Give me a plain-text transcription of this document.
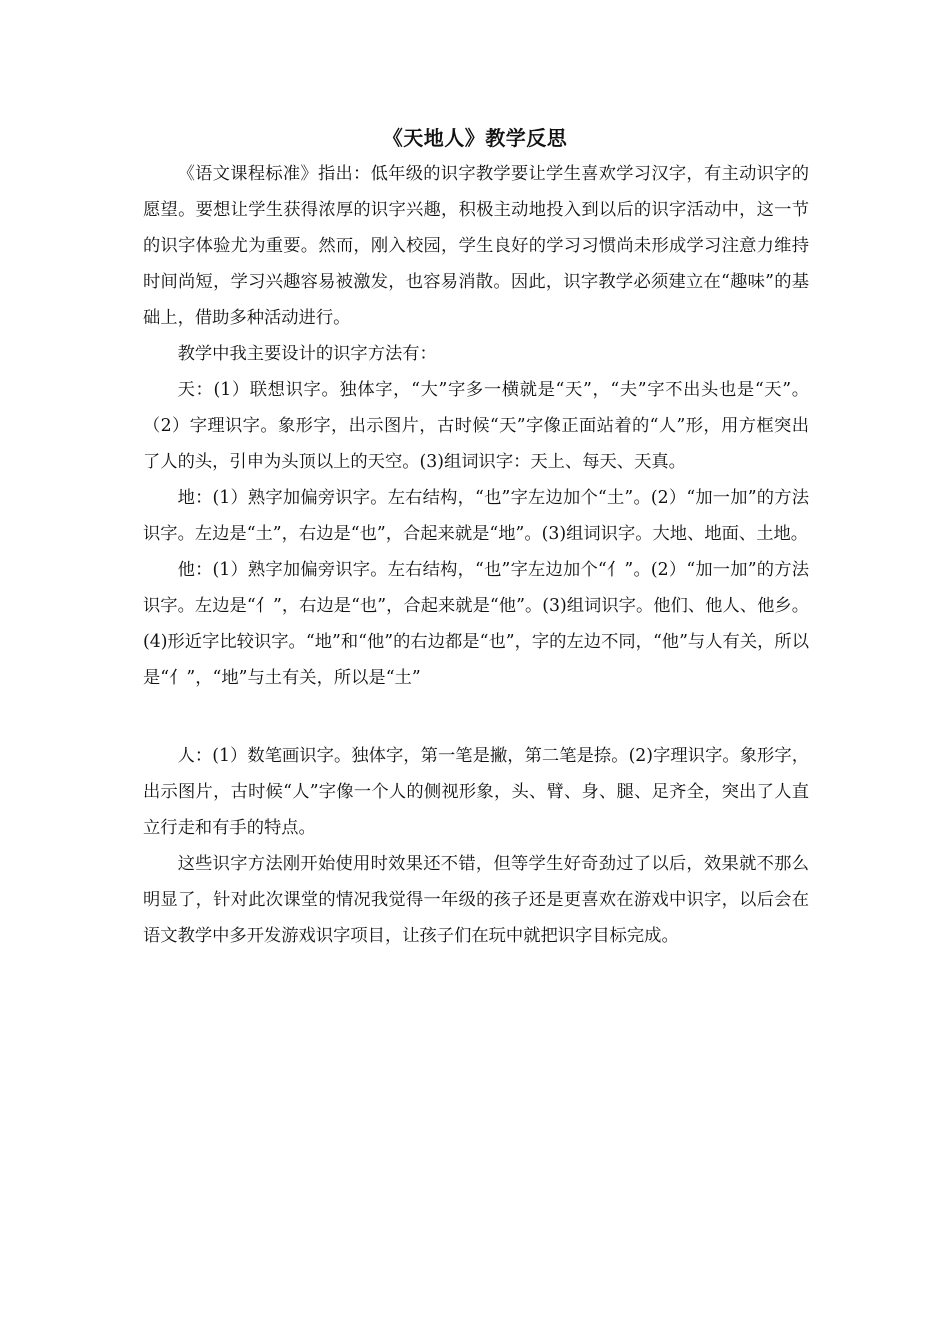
《天地人》教学反思

《语文课程标准》指出：低年级的识字教学要让学生喜欢学习汉字，有主动识字的愿望。要想让学生获得浓厚的识字兴趣，积极主动地投入到以后的识字活动中，这一节的识字体验尤为重要。然而，刚入校园，学生良好的学习习惯尚未形成学习注意力维持时间尚短，学习兴趣容易被激发，也容易消散。因此，识字教学必须建立在“趣味”的基础上，借助多种活动进行。

教学中我主要设计的识字方法有：

天：(1）联想识字。独体字，“大”字多一横就是“天”，“夫”字不出头也是“天”。（2）字理识字。象形字，出示图片，古时候“天”字像正面站着的“人”形，用方框突出了人的头，引申为头顶以上的天空。(3)组词识字：天上、每天、天真。

地：(1）熟字加偏旁识字。左右结构，“也”字左边加个“土”。(2）“加一加”的方法识字。左边是“土”，右边是“也”，合起来就是“地”。(3)组词识字。大地、地面、土地。

他：(1）熟字加偏旁识字。左右结构，“也”字左边加个“亻”。(2）“加一加”的方法识字。左边是“亻”，右边是“也”，合起来就是“他”。(3)组词识字。他们、他人、他乡。(4)形近字比较识字。“地”和“他”的右边都是“也”，字的左边不同，“他”与人有关，所以是“亻”，“地”与土有关，所以是“土”

人：(1）数笔画识字。独体字，第一笔是撇，第二笔是捺。(2)字理识字。象形字，出示图片，古时候“人”字像一个人的侧视形象，头、臂、身、腿、足齐全，突出了人直立行走和有手的特点。

这些识字方法刚开始使用时效果还不错，但等学生好奇劲过了以后，效果就不那么明显了，针对此次课堂的情况我觉得一年级的孩子还是更喜欢在游戏中识字，以后会在语文教学中多开发游戏识字项目，让孩子们在玩中就把识字目标完成。
